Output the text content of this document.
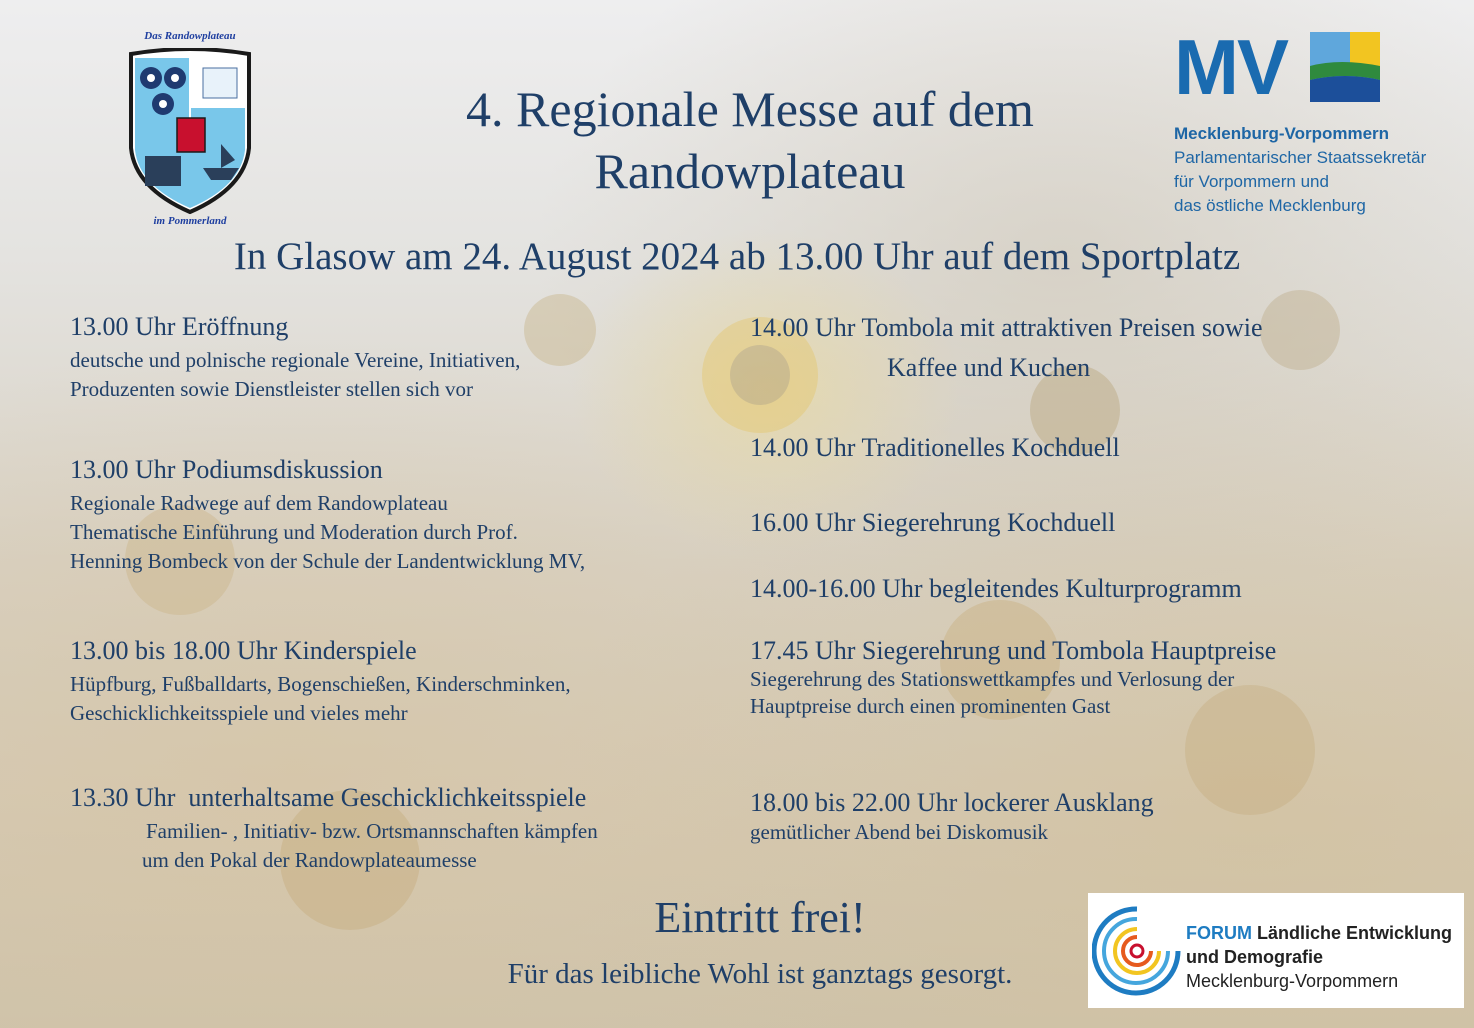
Das Randowplateau
im Pommerland
4. Regionale Messe auf dem
Randowplateau
MV
Mecklenburg-Vorpommern
Parlamentarischer Staatssekretär
für Vorpommern und
das östliche Mecklenburg
In Glasow am 24. August 2024 ab 13.00 Uhr auf dem Sportplatz
13.00 Uhr Eröffnung
deutsche und polnische regionale Vereine, Initiativen,
Produzenten sowie Dienstleister stellen sich vor
13.00 Uhr Podiumsdiskussion
Regionale Radwege auf dem Randowplateau
Thematische Einführung und Moderation durch Prof.
Henning Bombeck von der Schule der Landentwicklung MV,
13.00 bis 18.00 Uhr Kinderspiele
Hüpfburg, Fußballdarts, Bogenschießen, Kinderschminken,
Geschicklichkeitsspiele und vieles mehr
13.30 Uhr  unterhaltsame Geschicklichkeitsspiele
Familien- , Initiativ- bzw. Ortsmannschaften kämpfen
um den Pokal der Randowplateaumesse
14.00 Uhr Tombola mit attraktiven Preisen sowie
Kaffee und Kuchen
14.00 Uhr Traditionelles Kochduell
16.00 Uhr Siegerehrung Kochduell
14.00-16.00 Uhr begleitendes Kulturprogramm
17.45 Uhr Siegerehrung und Tombola Hauptpreise
Siegerehrung des Stationswettkampfes und Verlosung der
Hauptpreise durch einen prominenten Gast
18.00 bis 22.00 Uhr lockerer Ausklang
gemütlicher Abend bei Diskomusik
Eintritt frei!
Für das leibliche Wohl ist ganztags gesorgt.
FORUM Ländliche Entwicklung
und Demografie
Mecklenburg-Vorpommern
